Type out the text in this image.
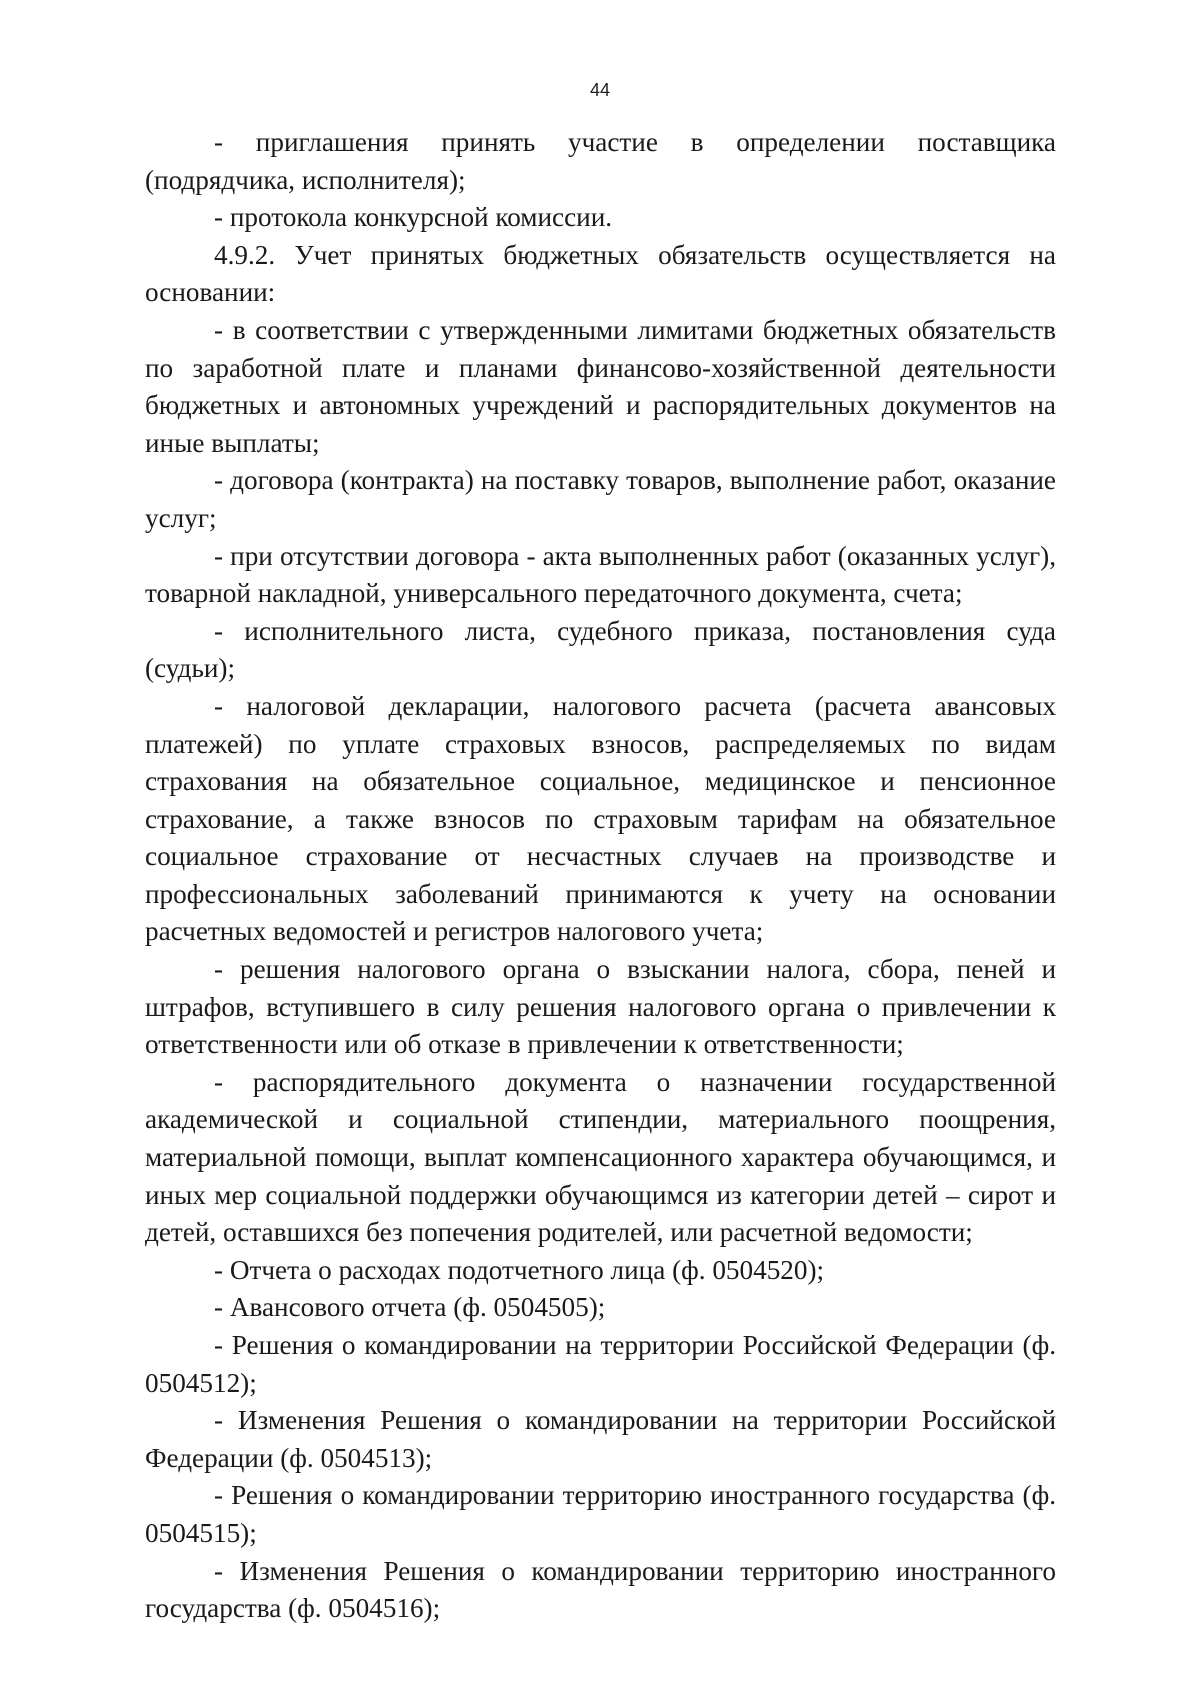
44

- приглашения принять участие в определении поставщика (подрядчика, исполнителя);

- протокола конкурсной комиссии.

4.9.2. Учет принятых бюджетных обязательств осуществляется на основании:

- в соответствии с утвержденными лимитами бюджетных обязательств по заработной плате и планами финансово-хозяйственной деятельности бюджетных и автономных учреждений и распорядительных документов на иные выплаты;

- договора (контракта) на поставку товаров, выполнение работ, оказание услуг;

- при отсутствии договора - акта выполненных работ (оказанных услуг), товарной накладной, универсального передаточного документа, счета;

- исполнительного листа, судебного приказа, постановления суда (судьи);

- налоговой декларации, налогового расчета (расчета авансовых платежей) по уплате страховых взносов, распределяемых по видам страхования на обязательное социальное, медицинское и пенсионное страхование, а также взносов по страховым тарифам на обязательное социальное страхование от несчастных случаев на производстве и профессиональных заболеваний принимаются к учету на основании расчетных ведомостей и регистров налогового учета;

- решения налогового органа о взыскании налога, сбора, пеней и штрафов, вступившего в силу решения налогового органа о привлечении к ответственности или об отказе в привлечении к ответственности;

- распорядительного документа о назначении государственной академической и социальной стипендии, материального поощрения, материальной помощи, выплат компенсационного характера обучающимся, и иных мер социальной поддержки обучающимся из категории детей – сирот и детей, оставшихся без попечения родителей, или расчетной ведомости;

- Отчета о расходах подотчетного лица (ф. 0504520);

- Авансового отчета (ф. 0504505);

- Решения о командировании на территории Российской Федерации (ф. 0504512);

- Изменения Решения о командировании на территории Российской Федерации (ф. 0504513);

- Решения о командировании территорию иностранного государства (ф. 0504515);

- Изменения Решения о командировании территорию иностранного государства (ф. 0504516);
